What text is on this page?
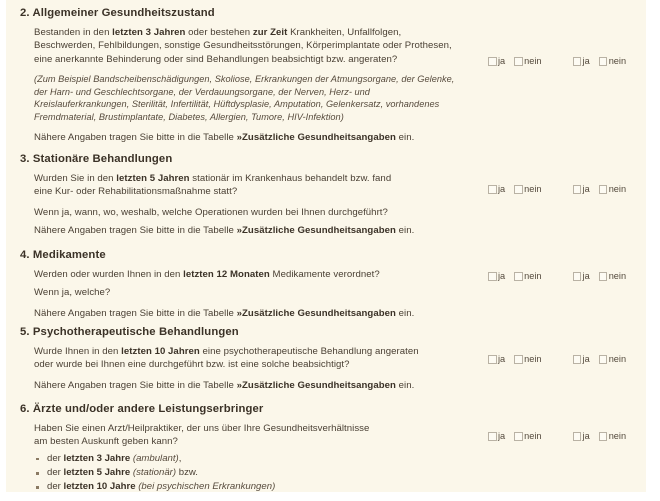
2. Allgemeiner Gesundheitszustand

Bestanden in den letzten 3 Jahren oder bestehen zur Zeit Krankheiten, Unfallfolgen,
Beschwerden, Fehlbildungen, sonstige Gesundheitsstörungen, Körperimplantate oder Prothesen,
eine anerkannte Behinderung oder sind Behandlungen beabsichtigt bzw. angeraten?

(Zum Beispiel Bandscheibenschädigungen, Skoliose, Erkrankungen der Atmungsorgane, der Gelenke, der Harn- und Geschlechtsorgane, der Verdauungsorgane, der Nerven, Herz- und Kreislauferkrankungen, Sterilität, Infertilität, Hüftdysplasie, Amputation, Gelenkersatz, vorhandenes Fremdmaterial, Brustimplantate, Diabetes, Allergien, Tumore, HIV-Infektion)

Nähere Angaben tragen Sie bitte in die Tabelle »Zusätzliche Gesundheitsangaben ein.

ja nein	ja nein
3. Stationäre Behandlungen

Wurden Sie in den letzten 5 Jahren stationär im Krankenhaus behandelt bzw. fand
eine Kur- oder Rehabilitationsmaßnahme statt?

Wenn ja, wann, wo, weshalb, welche Operationen wurden bei Ihnen durchgeführt?

Nähere Angaben tragen Sie bitte in die Tabelle »Zusätzliche Gesundheitsangaben ein.

ja nein	ja nein
4. Medikamente

Werden oder wurden Ihnen in den letzten 12 Monaten Medikamente verordnet?

Wenn ja, welche?

Nähere Angaben tragen Sie bitte in die Tabelle »Zusätzliche Gesundheitsangaben ein.

ja nein	ja nein
5. Psychotherapeutische Behandlungen

Wurde Ihnen in den letzten 10 Jahren eine psychotherapeutische Behandlung angeraten
oder wurde bei Ihnen eine durchgeführt bzw. ist eine solche beabsichtigt?

Nähere Angaben tragen Sie bitte in die Tabelle »Zusätzliche Gesundheitsangaben ein.

ja nein	ja nein
6. Ärzte und/oder andere Leistungserbringer

Haben Sie einen Arzt/Heilpraktiker, der uns über Ihre Gesundheitsverhältnisse
am besten Auskunft geben kann?

der letzten 3 Jahre (ambulant),
der letzten 5 Jahre (stationär) bzw.
der letzten 10 Jahre (bei psychischen Erkrankungen)
ja nein	ja nein
